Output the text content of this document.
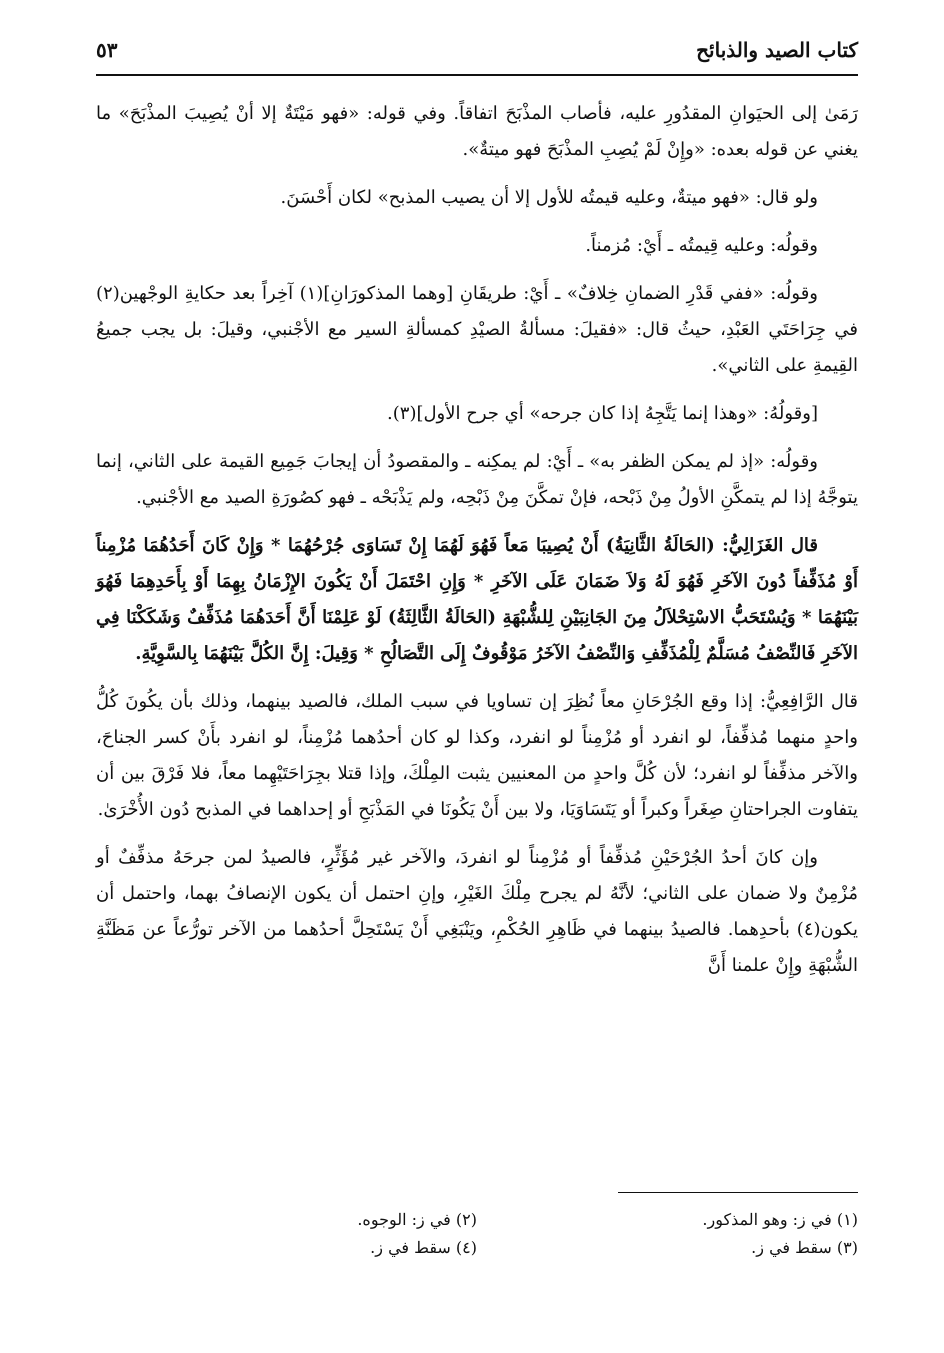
كتاب الصيد والذبائح
٥٣

رَمَىٰ إلى الحيَوانِ المقدُورِ عليه، فأصاب المذْبَحَ اتفاقاً. وفي قوله: «فهو مَيْتَةٌ إلا أنْ يُصِيبَ المذْبَحَ» ما يغني عن قوله بعده: «وإِنْ لَمْ يُصِبِ المذْبَحَ فهو ميتةٌ».

ولو قال: «فهو ميتةٌ، وعليه قيمتُه للأول إلا أن يصيب المذبح» لكان أَحْسَنَ.

وقولُه: وعليه قِيمتُه ـ أَيْ: مُزمناً.

وقولُه: «ففي قَدْرِ الضمانِ خِلافٌ» ـ أَيْ: طريقَانِ [وهما المذكورَانِ](١) آخِراً بعد حكايةِ الوجْهين(٢) في جِرَاحَتَي العَبْدِ، حيثُ قال: «فقيلَ: مسألةُ الصيْدِ كمسألةِ السير مع الأجْنبي، وقيلَ: بل يجب جميعُ القِيمةِ على الثاني».

[وقولُهُ: «وهذا إنما يَتَّجِهُ إذا كان جرحه» أي جرح الأول](٣).

وقولُه: «إذ لم يمكن الظفر به» ـ أَيْ: لم يمكِنه ـ والمقصودُ أن إيجابَ جَمِيع القيمة على الثاني، إنما يتوجَّهُ إذا لم يتمكَّنِ الأولُ مِنْ ذَبْحه، فإنْ تمكَّنَ مِنْ ذَبْحِه، ولم يَذْبَحْه ـ فهو كصُورَةِ الصيد مع الأجْنبي.

قال الغَزَالِيُّ: (الحَالَةُ الثَّانِيَةُ) أَنْ يُصِيبَا مَعاً فَهُوَ لَهُمَا إِنْ تَسَاوَى جُرْحُهُمَا * وَإِنْ كَانَ أَحَدُهُمَا مُزْمِناً أَوْ مُذَفِّفاً دُونَ الآخَرِ فَهُوَ لَهُ وَلاَ ضَمَانَ عَلَى الآخَرِ * وَإِنِ احْتَمَلَ أَنْ يَكُونَ الإِزْمَانُ بِهِمَا أَوْ بِأَحَدِهِمَا فَهُوَ بَيْنَهُمَا * وَيُسْتَحَبُّ الاسْتِحْلاَلُ مِنَ الجَانِبَيْنِ لِلشُّبْهَةِ (الحَالَةُ الثَّالِثَةُ) لَوْ عَلِمْنَا أَنَّ أَحَدَهُمَا مُذَفِّفٌ وَشَكَكْنَا فِي الآخَرِ فَالنِّصْفُ مُسَلَّمٌ لِلْمُذَفِّفِ وَالنِّصْفُ الآخَرُ مَوْقُوفٌ إِلَى التَّصَالُحِ * وَقِيلَ: إِنَّ الكُلَّ بَيْنَهُمَا بِالسَّوِيَّةِ.

قال الرَّافِعِيُّ: إذا وقع الجُرْحَانِ معاً نُظِرَ إن تساويا في سبب الملك، فالصيد بينهما، وذلك بأن يكُونَ كُلُّ واحدٍ منهما مُذفِّفاً، لو انفرد أو مُزْمِناً لو انفرد، وكذا لو كان أحدُهما مُزْمِناً، لو انفرد بأَنْ كسر الجناحَ، والآخر مذفِّفاً لو انفرد؛ لأن كُلَّ واحدٍ من المعنيين يثبت المِلْكَ، وإذا قتلا بجِرَاحَتَيْهِما معاً، فلا فَرْقَ بين أن يتفاوت الجراحتانِ صِغَراً وكبراً أو يَتَسَاوَيَا، ولا بين أَنْ يَكُونَا في المَذْبَحِ أو إحداهما في المذبح دُون الأُخْرَىٰ.

وإن كانَ أحدُ الجُرْحَيْنِ مُذفِّفاً أو مُزْمِناً لو انفردَ، والآخر غير مُؤَثِّرٍ، فالصيدُ لمن جرحَهُ مذفِّفٌ أو مُزْمِنٌ ولا ضمان على الثاني؛ لأنَّهُ لم يجرح مِلْكَ الغَيْرِ، وإنِ احتمل أن يكون الإنصافُ بهما، واحتمل أن يكون(٤) بأحدِهما. فالصيدُ بينهما في ظَاهِرِ الحُكْمِ، ويَنْبَغِي أَنْ يَسْتَحِلَّ أحدُهما من الآخر تورُّعاً عن مَظَنَّةِ الشُّبْهَةِ وإِنْ علمنا أَنَّ

(١) في ز: وهو المذكور.
(٢) في ز: الوجوه.
(٣) سقط في ز.
(٤) سقط في ز.
